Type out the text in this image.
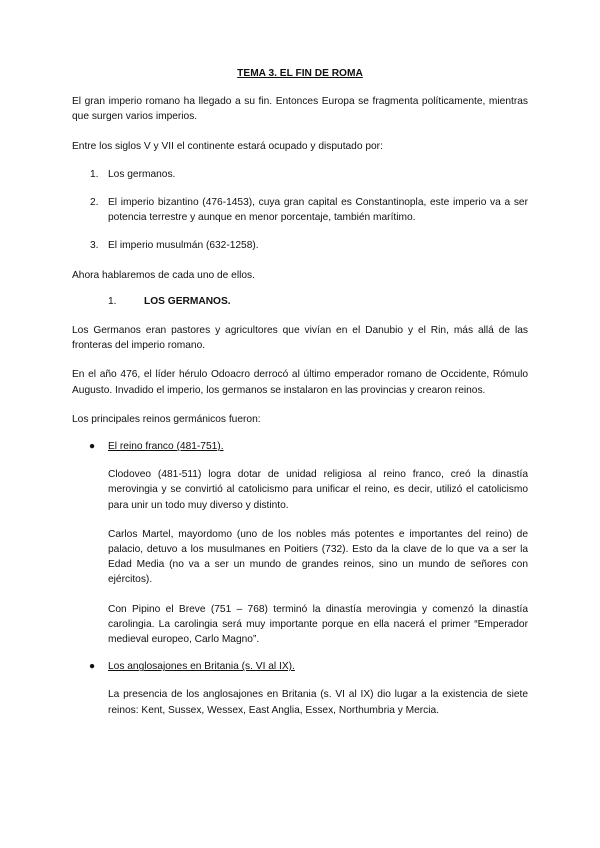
TEMA 3. EL FIN DE ROMA

El gran imperio romano ha llegado a su fin. Entonces Europa se fragmenta políticamente, mientras que surgen varios imperios.

Entre los siglos V y VII el continente estará ocupado y disputado por:

1. Los germanos.
2. El imperio bizantino (476-1453), cuya gran capital es Constantinopla, este imperio va a ser potencia terrestre y aunque en menor porcentaje, también marítimo.
3. El imperio musulmán (632-1258).

Ahora hablaremos de cada uno de ellos.

1.	LOS GERMANOS.

Los Germanos eran pastores y agricultores que vivían en el Danubio y el Rin, más allá de las fronteras del imperio romano.

En el año 476, el líder hérulo Odoacro derrocó al último emperador romano de Occidente, Rómulo Augusto. Invadido el imperio, los germanos se instalaron en las provincias y crearon reinos.

Los principales reinos germánicos fueron:

●	El reino franco (481-751).

Clodoveo (481-511) logra dotar de unidad religiosa al reino franco, creó la dinastía merovingia y se convirtió al catolicismo para unificar el reino, es decir, utilizó el catolicismo para unir un todo muy diverso y distinto.

Carlos Martel, mayordomo (uno de los nobles más potentes e importantes del reino) de palacio, detuvo a los musulmanes en Poitiers (732). Esto da la clave de lo que va a ser la Edad Media (no va a ser un mundo de grandes reinos, sino un mundo de señores con ejércitos).

Con Pipino el Breve (751 – 768) terminó la dinastía merovingia y comenzó la dinastía carolingia. La carolingia será muy importante porque en ella nacerá el primer “Emperador medieval europeo, Carlo Magno”.

●	Los anglosajones en Britania (s. VI al IX).

La presencia de los anglosajones en Britania (s. VI al IX) dio lugar a la existencia de siete reinos: Kent, Sussex, Wessex, East Anglia, Essex, Northumbria y Mercia.
